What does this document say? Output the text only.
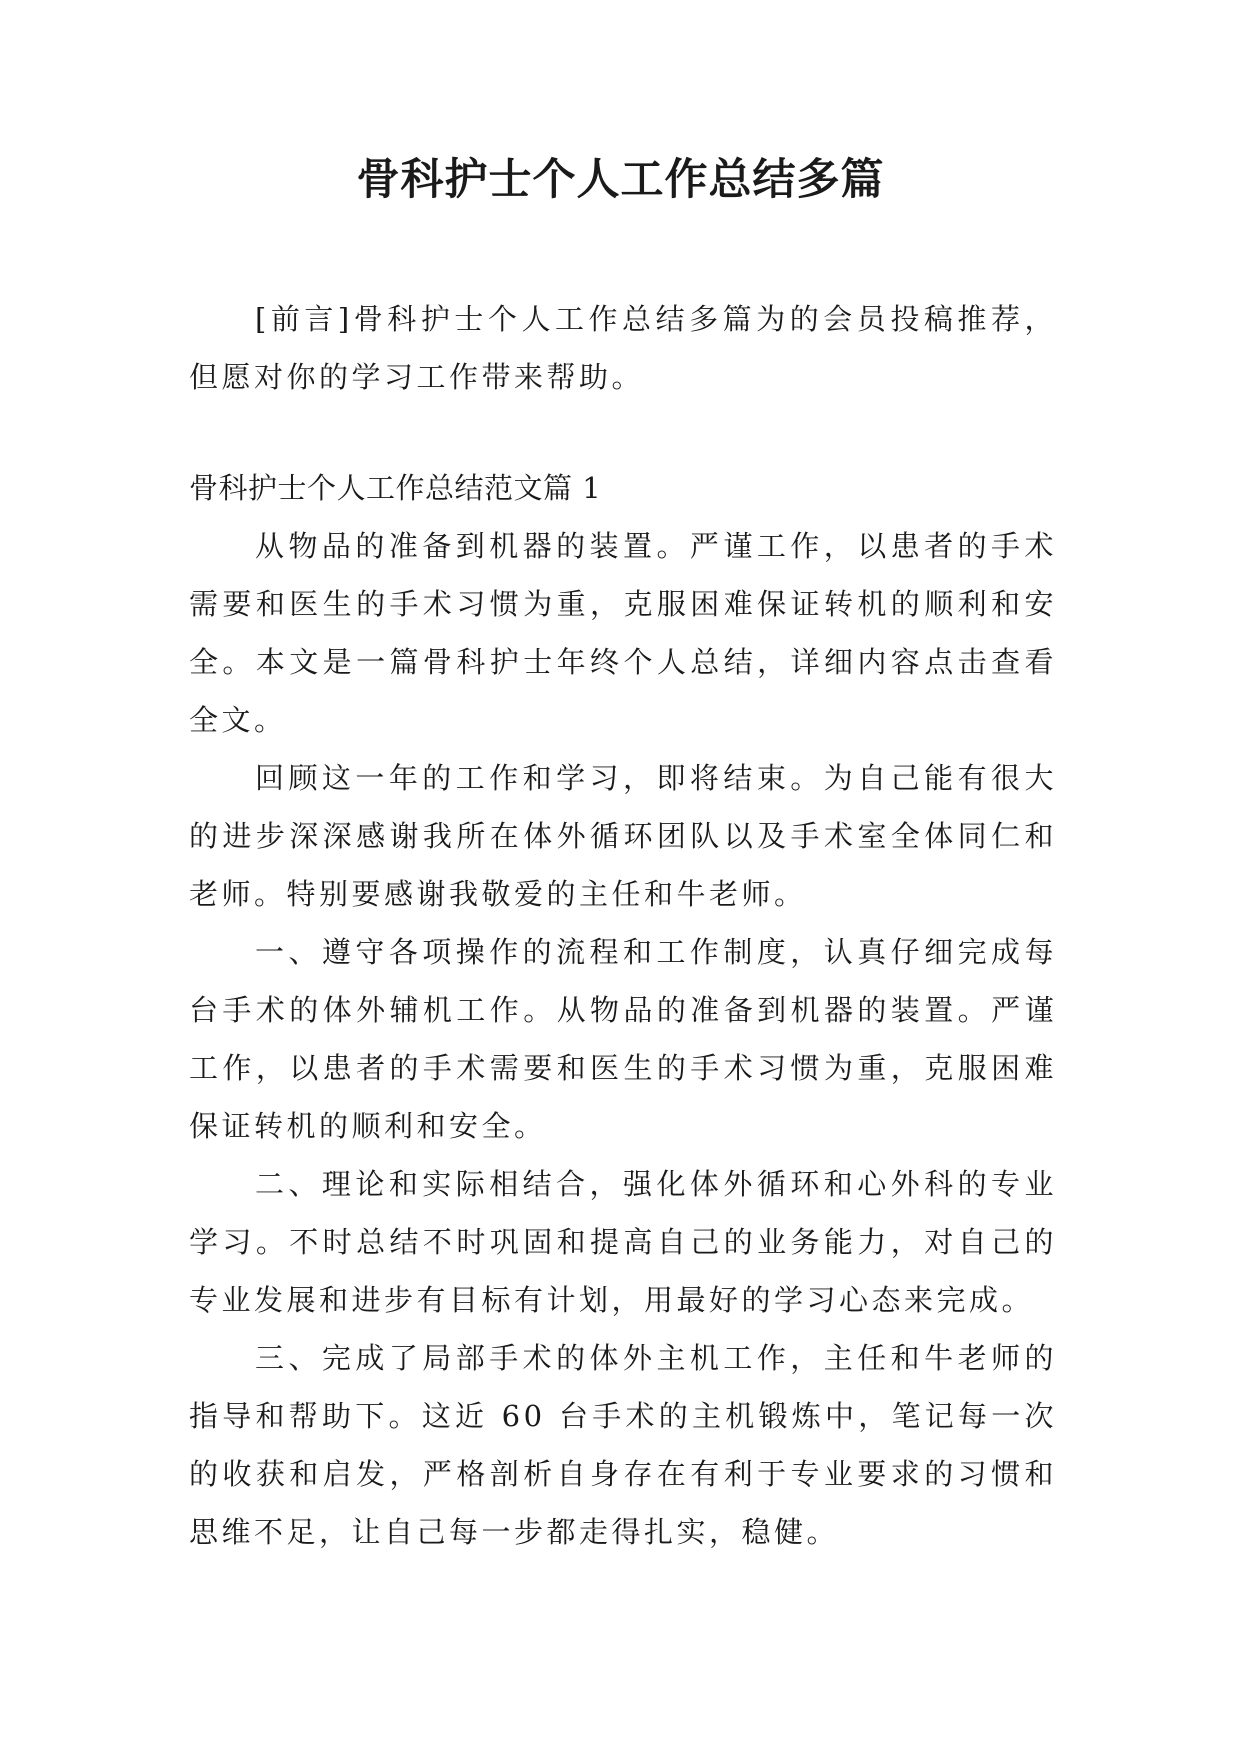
骨科护士个人工作总结多篇

[前言]骨科护士个人工作总结多篇为的会员投稿推荐，但愿对你的学习工作带来帮助。

骨科护士个人工作总结范文篇 1

从物品的准备到机器的装置。严谨工作，以患者的手术需要和医生的手术习惯为重，克服困难保证转机的顺利和安全。本文是一篇骨科护士年终个人总结，详细内容点击查看全文。

回顾这一年的工作和学习，即将结束。为自己能有很大的进步深深感谢我所在体外循环团队以及手术室全体同仁和老师。特别要感谢我敬爱的主任和牛老师。

一、遵守各项操作的流程和工作制度，认真仔细完成每台手术的体外辅机工作。从物品的准备到机器的装置。严谨工作，以患者的手术需要和医生的手术习惯为重，克服困难保证转机的顺利和安全。

二、理论和实际相结合，强化体外循环和心外科的专业学习。不时总结不时巩固和提高自己的业务能力，对自己的专业发展和进步有目标有计划，用最好的学习心态来完成。

三、完成了局部手术的体外主机工作，主任和牛老师的指导和帮助下。这近 60 台手术的主机锻炼中，笔记每一次的收获和启发，严格剖析自身存在有利于专业要求的习惯和思维不足，让自己每一步都走得扎实，稳健。
